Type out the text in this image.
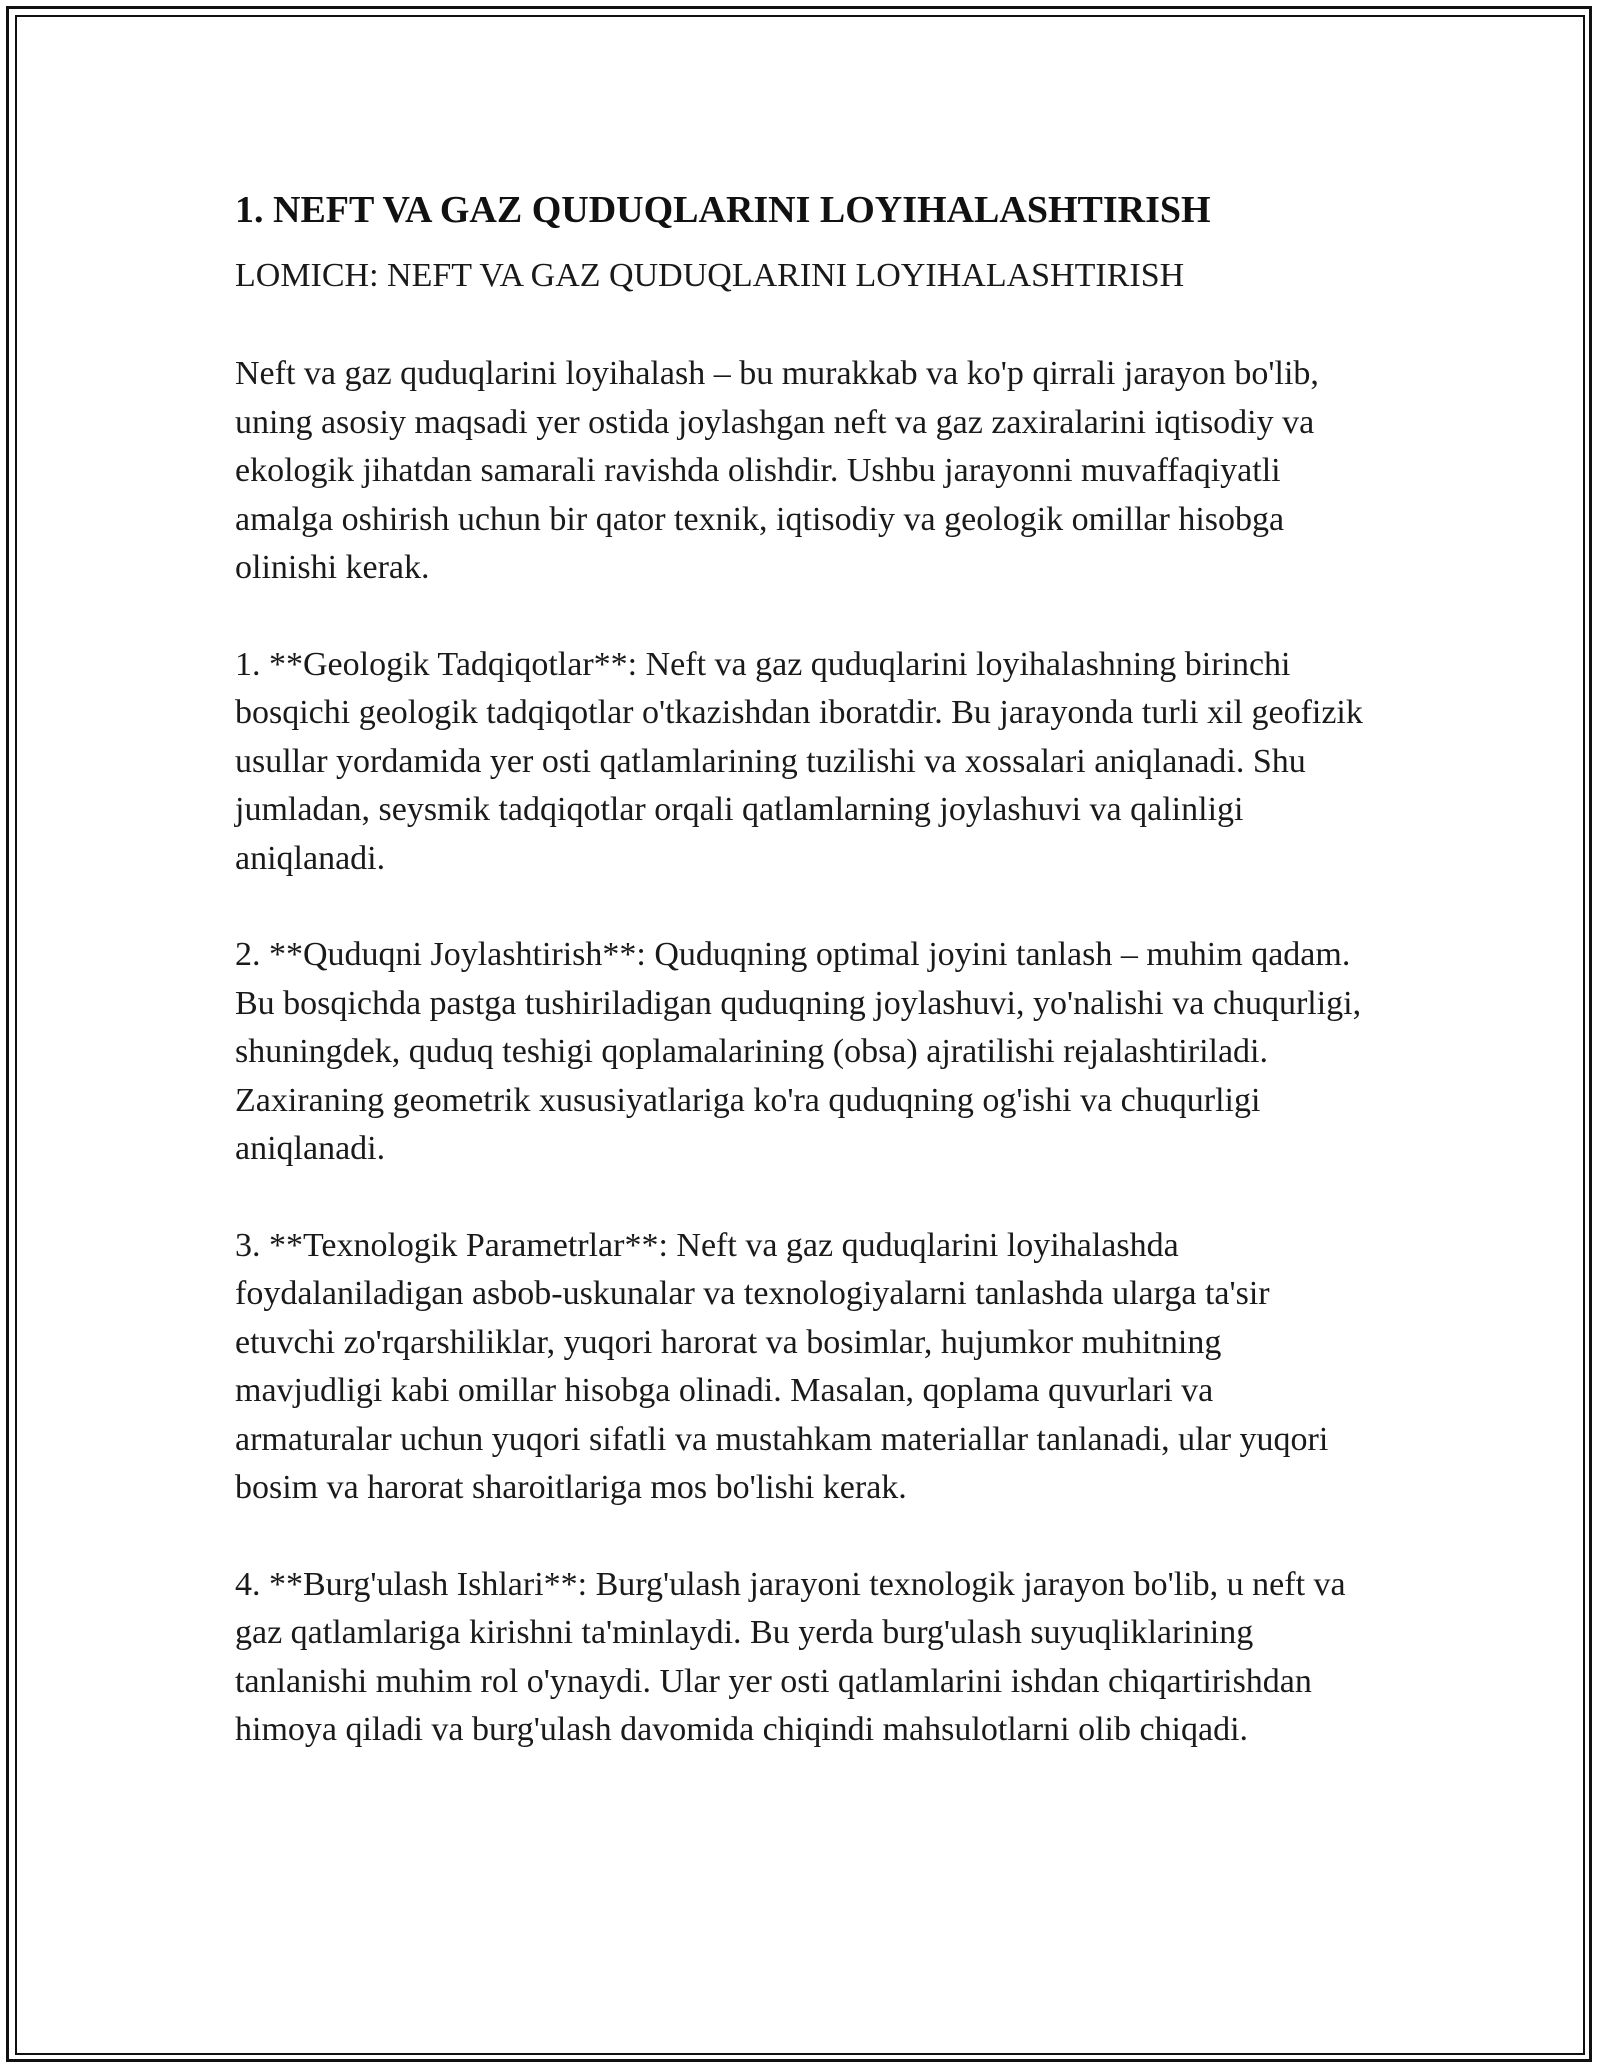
1. NEFT VA GAZ QUDUQLARINI LOYIHALASHTIRISH
LOMICH: NEFT VA GAZ QUDUQLARINI LOYIHALASHTIRISH

Neft va gaz quduqlarini loyihalash – bu murakkab va ko'p qirrali jarayon bo'lib, uning asosiy maqsadi yer ostida joylashgan neft va gaz zaxiralarini iqtisodiy va ekologik jihatdan samarali ravishda olishdir. Ushbu jarayonni muvaffaqiyatli amalga oshirish uchun bir qator texnik, iqtisodiy va geologik omillar hisobga olinishi kerak.

1. **Geologik Tadqiqotlar**: Neft va gaz quduqlarini loyihalashning birinchi bosqichi geologik tadqiqotlar o'tkazishdan iboratdir. Bu jarayonda turli xil geofizik usullar yordamida yer osti qatlamlarining tuzilishi va xossalari aniqlanadi. Shu jumladan, seysmik tadqiqotlar orqali qatlamlarning joylashuvi va qalinligi aniqlanadi.

2. **Quduqni Joylashtirish**: Quduqning optimal joyini tanlash – muhim qadam. Bu bosqichda pastga tushiriladigan quduqning joylashuvi, yo'nalishi va chuqurligi, shuningdek, quduq teshigi qoplamalarining (obsa) ajratilishi rejalashtiriladi. Zaxiraning geometrik xususiyatlariga ko'ra quduqning og'ishi va chuqurligi aniqlanadi.

3. **Texnologik Parametrlar**: Neft va gaz quduqlarini loyihalashda foydalaniladigan asbob-uskunalar va texnologiyalarni tanlashda ularga ta'sir etuvchi zo'rqarshiliklar, yuqori harorat va bosimlar, hujumkor muhitning mavjudligi kabi omillar hisobga olinadi. Masalan, qoplama quvurlari va armaturalar uchun yuqori sifatli va mustahkam materiallar tanlanadi, ular yuqori bosim va harorat sharoitlariga mos bo'lishi kerak.

4. **Burg'ulash Ishlari**: Burg'ulash jarayoni texnologik jarayon bo'lib, u neft va gaz qatlamlariga kirishni ta'minlaydi. Bu yerda burg'ulash suyuqliklarining tanlanishi muhim rol o'ynaydi. Ular yer osti qatlamlarini ishdan chiqartirishdan himoya qiladi va burg'ulash davomida chiqindi mahsulotlarni olib chiqadi.
